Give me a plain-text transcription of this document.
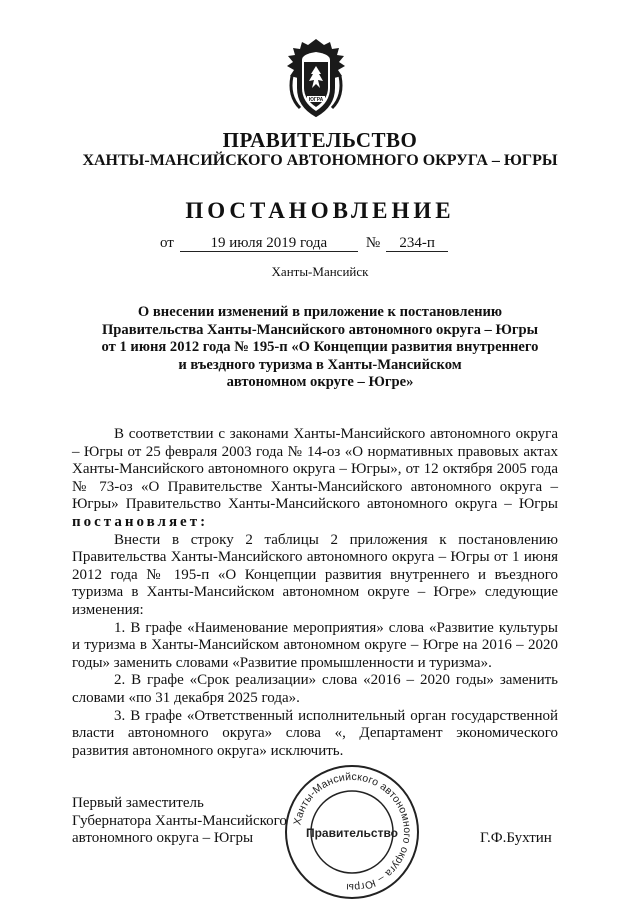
ЮГРА
ПРАВИТЕЛЬСТВО
ХАНТЫ-МАНСИЙСКОГО АВТОНОМНОГО ОКРУГА – ЮГРЫ
ПОСТАНОВЛЕНИЕ
от 19 июля 2019 года	№ 234-п
Ханты-Мансийск
О внесении изменений в приложение к постановлению
Правительства Ханты-Мансийского автономного округа – Югры
от 1 июня 2012 года № 195-п «О Концепции развития внутреннего
и въездного туризма в Ханты-Мансийском
автономном округе – Югре»

В соответствии с законами Ханты-Мансийского автономного округа – Югры от 25 февраля 2003 года № 14-оз «О нормативных правовых актах Ханты-Мансийского автономного округа – Югры», от 12 октября 2005 года № 73-оз «О Правительстве Ханты-Мансийского автономного округа – Югры» Правительство Ханты-Мансийского автономного округа – Югры постановляет:

Внести в строку 2 таблицы 2 приложения к постановлению Правительства Ханты-Мансийского автономного округа – Югры от 1 июня 2012 года № 195-п «О Концепции развития внутреннего и въездного туризма в Ханты-Мансийском автономном округе – Югре» следующие изменения:

1. В графе «Наименование мероприятия» слова «Развитие культуры и туризма в Ханты-Мансийском автономном округе – Югре на 2016 – 2020 годы» заменить словами «Развитие промышленности и туризма».

2. В графе «Срок реализации» слова «2016 – 2020 годы» заменить словами «по 31 декабря 2025 года».

3. В графе «Ответственный исполнительный орган государственной власти автономного округа» слова «, Департамент экономического развития автономного округа» исключить.

Первый заместитель
Губернатора Ханты-Мансийского
автономного округа – Югры
Ханты-Мансийского автономного округа – Югры
Правительство	Г.Ф.Бухтин
